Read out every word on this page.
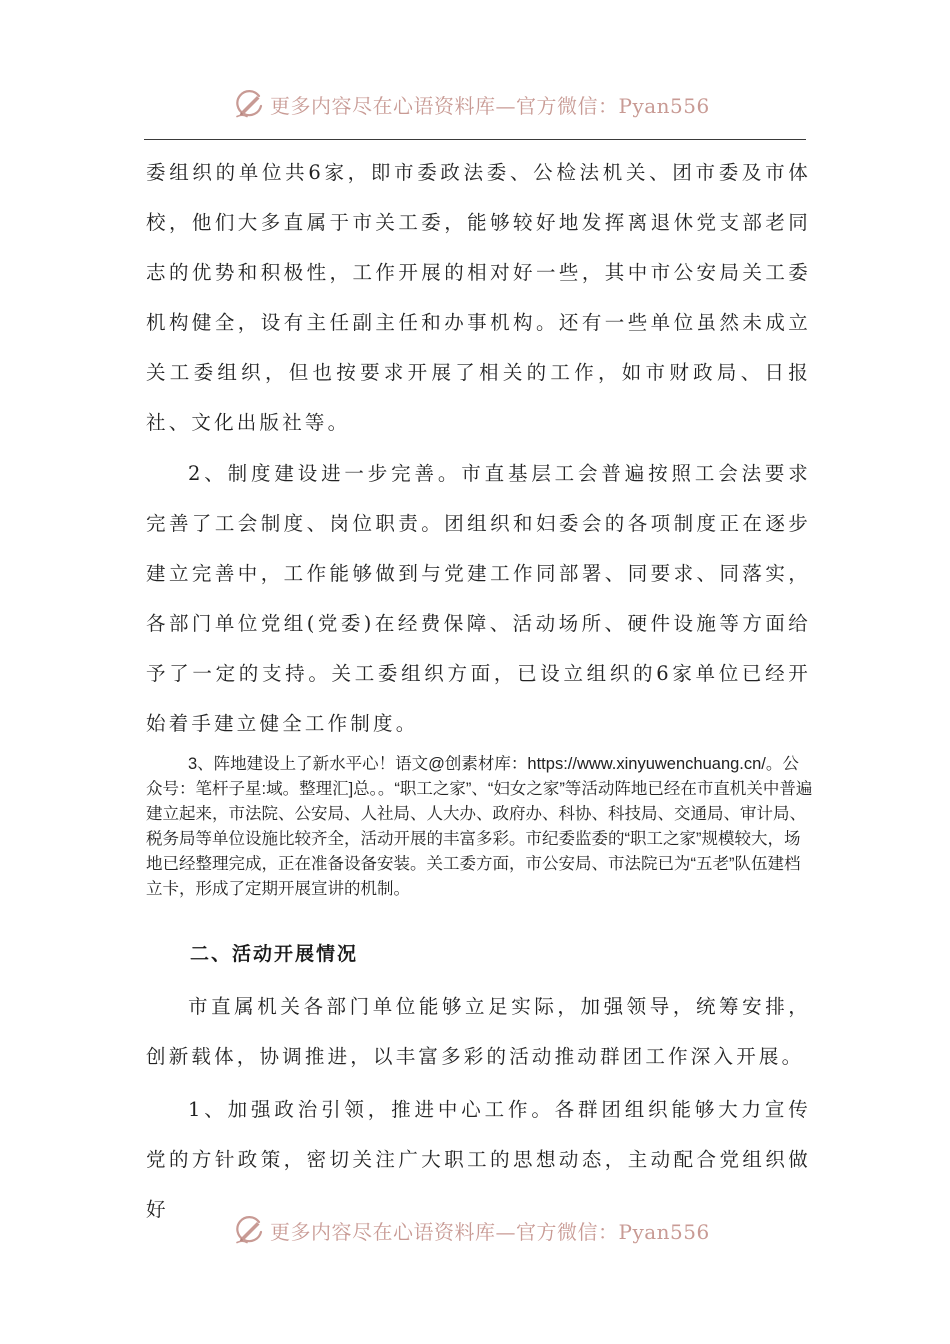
更多内容尽在心语资料库—官方微信：Pyan556

委组织的单位共6家，即市委政法委、公检法机关、团市委及市体校，他们大多直属于市关工委，能够较好地发挥离退休党支部老同志的优势和积极性，工作开展的相对好一些，其中市公安局关工委机构健全，设有主任副主任和办事机构。还有一些单位虽然未成立关工委组织，但也按要求开展了相关的工作，如市财政局、日报社、文化出版社等。

2、制度建设进一步完善。市直基层工会普遍按照工会法要求完善了工会制度、岗位职责。团组织和妇委会的各项制度正在逐步建立完善中，工作能够做到与党建工作同部署、同要求、同落实，各部门单位党组(党委)在经费保障、活动场所、硬件设施等方面给予了一定的支持。关工委组织方面，已设立组织的6家单位已经开始着手建立健全工作制度。

3、阵地建设上了新水平心！语文@创素材库：https://www.xinyuwenchuang.cn/。公众号：笔杆子星:域。整理汇]总。。“职工之家”、“妇女之家”等活动阵地已经在市直机关中普遍建立起来，市法院、公安局、人社局、人大办、政府办、科协、科技局、交通局、审计局、税务局等单位设施比较齐全，活动开展的丰富多彩。市纪委监委的“职工之家”规模较大，场地已经整理完成，正在准备设备安装。关工委方面，市公安局、市法院已为“五老”队伍建档立卡，形成了定期开展宣讲的机制。

二、活动开展情况

市直属机关各部门单位能够立足实际，加强领导，统筹安排，创新载体，协调推进，以丰富多彩的活动推动群团工作深入开展。

1、加强政治引领，推进中心工作。各群团组织能够大力宣传党的方针政策，密切关注广大职工的思想动态，主动配合党组织做好

更多内容尽在心语资料库—官方微信：Pyan556
